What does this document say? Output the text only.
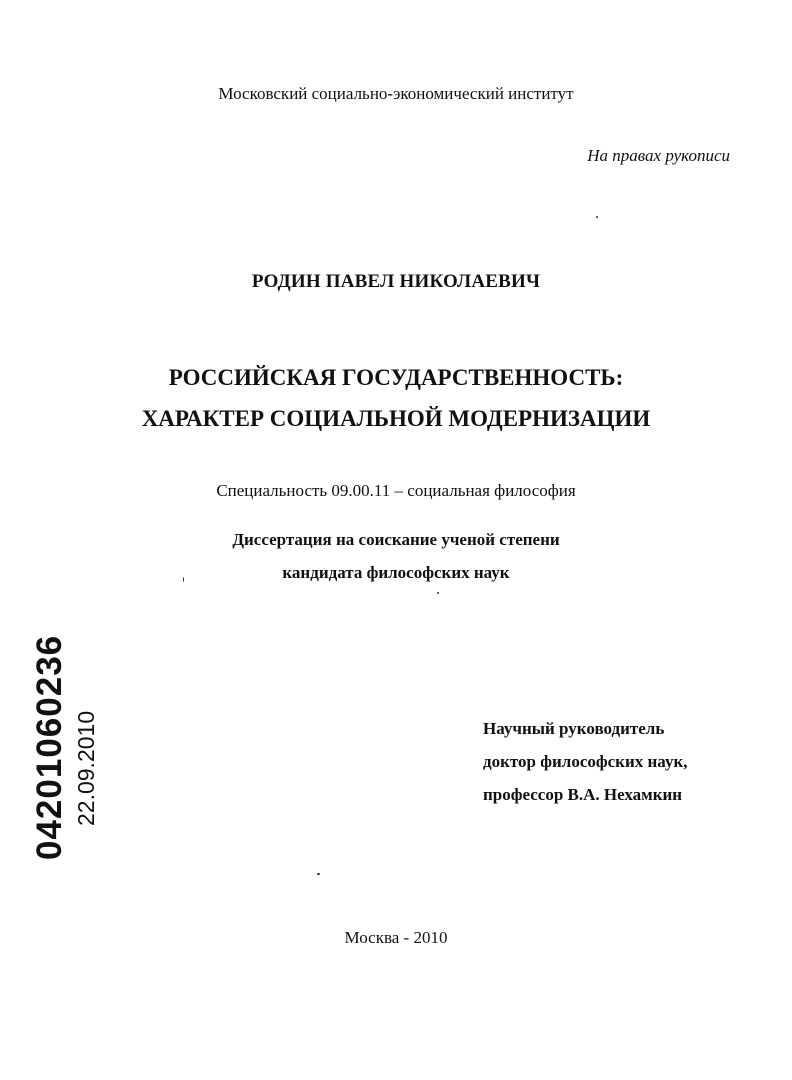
Московский социально-экономический институт
На правах рукописи
РОДИН ПАВЕЛ НИКОЛАЕВИЧ
РОССИЙСКАЯ ГОСУДАРСТВЕННОСТЬ:
ХАРАКТЕР СОЦИАЛЬНОЙ МОДЕРНИЗАЦИИ
Специальность 09.00.11 – социальная философия
Диссертация на соискание ученой степени
кандидата философских наук
Научный руководитель
доктор философских наук,
профессор В.А. Нехамкин
Москва - 2010
04201060236 22.09.2010
